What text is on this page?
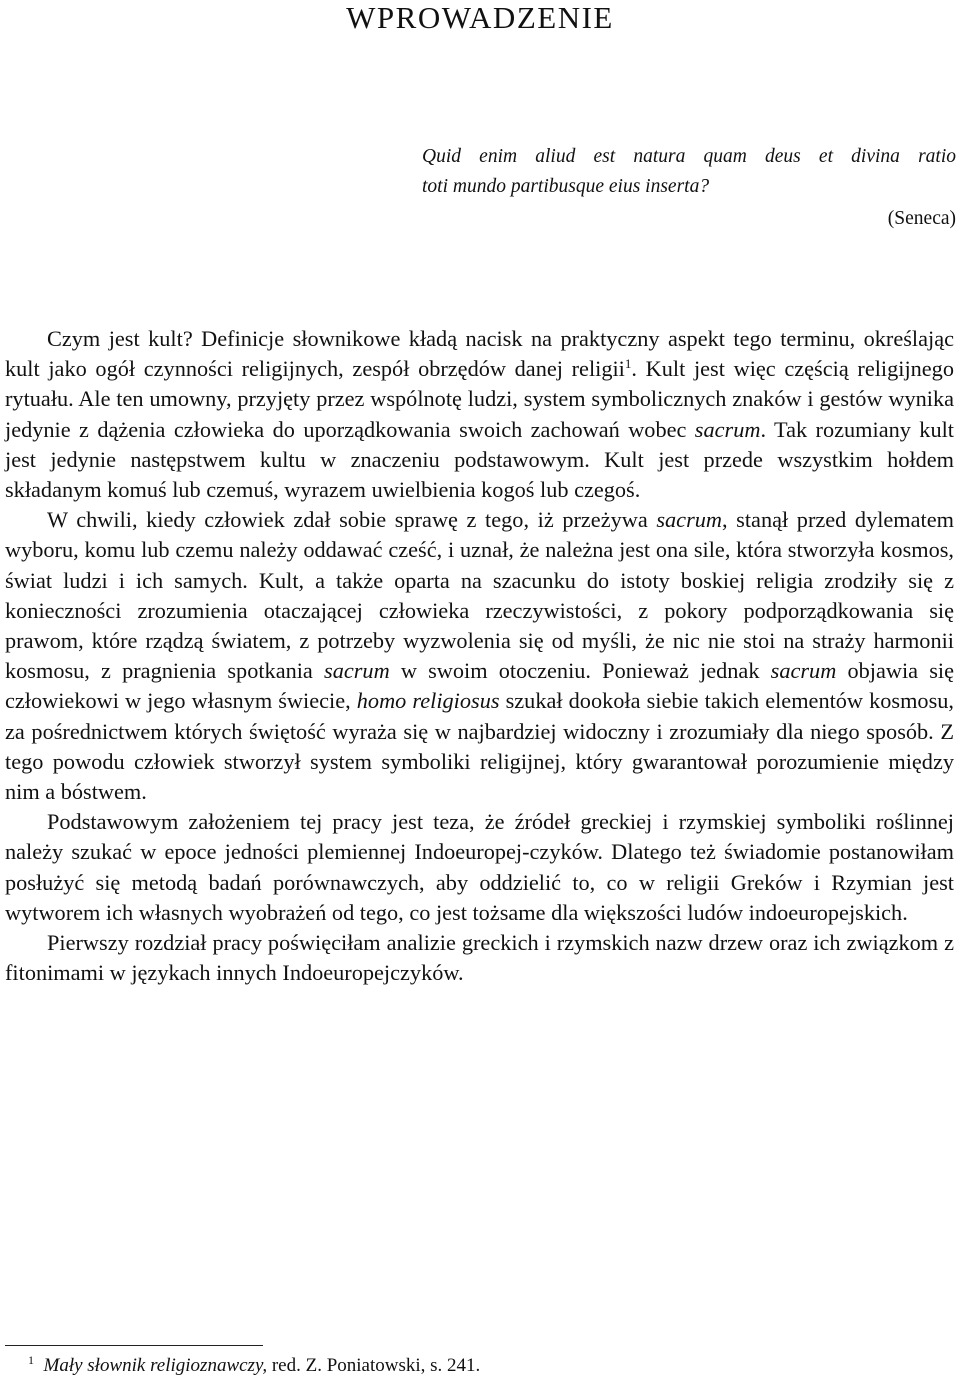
WPROWADZENIE
Quid enim aliud est natura quam deus et divina ratio
toti mundo partibusque eius inserta?
(Seneca)

Czym jest kult? Definicje słownikowe kładą nacisk na praktyczny aspekt tego terminu, określając kult jako ogół czynności religijnych, zespół obrzędów danej religii$^1$. Kult jest więc częścią religijnego rytuału. Ale ten umowny, przyjęty przez wspólnotę ludzi, system symbolicznych znaków i gestów wynika jedynie z dążenia człowieka do uporządkowania swoich zachowań wobec sacrum. Tak rozumiany kult jest jedynie następstwem kultu w znaczeniu podstawowym. Kult jest przede wszystkim hołdem składanym komuś lub czemuś, wyrazem uwielbienia kogoś lub czegoś.

W chwili, kiedy człowiek zdał sobie sprawę z tego, iż przeżywa sacrum, stanął przed dylematem wyboru, komu lub czemu należy oddawać cześć, i uznał, że należna jest ona sile, która stworzyła kosmos, świat ludzi i ich samych. Kult, a także oparta na szacunku do istoty boskiej religia zrodziły się z konieczności zrozumienia otaczającej człowieka rzeczywistości, z pokory podporządkowania się prawom, które rządzą światem, z potrzeby wyzwolenia się od myśli, że nic nie stoi na straży harmonii kosmosu, z pragnienia spotkania sacrum w swoim otoczeniu. Ponieważ jednak sacrum objawia się człowiekowi w jego własnym świecie, homo religiosus szukał dookoła siebie takich elementów kosmosu, za pośrednictwem których świętość wyraża się w najbardziej widoczny i zrozumiały dla niego sposób. Z tego powodu człowiek stworzył system symboliki religijnej, który gwarantował porozumienie między nim a bóstwem.

Podstawowym założeniem tej pracy jest teza, że źródeł greckiej i rzymskiej symboliki roślinnej należy szukać w epoce jedności plemiennej Indoeuropej-czyków. Dlatego też świadomie postanowiłam posłużyć się metodą badań porównawczych, aby oddzielić to, co w religii Greków i Rzymian jest wytworem ich własnych wyobrażeń od tego, co jest tożsame dla większości ludów indoeuropejskich.

Pierwszy rozdział pracy poświęciłam analizie greckich i rzymskich nazw drzew oraz ich związkom z fitonimami w językach innych Indoeuropejczyków.

$^1$ Mały słownik religioznawczy, red. Z. Poniatowski, s. 241.
